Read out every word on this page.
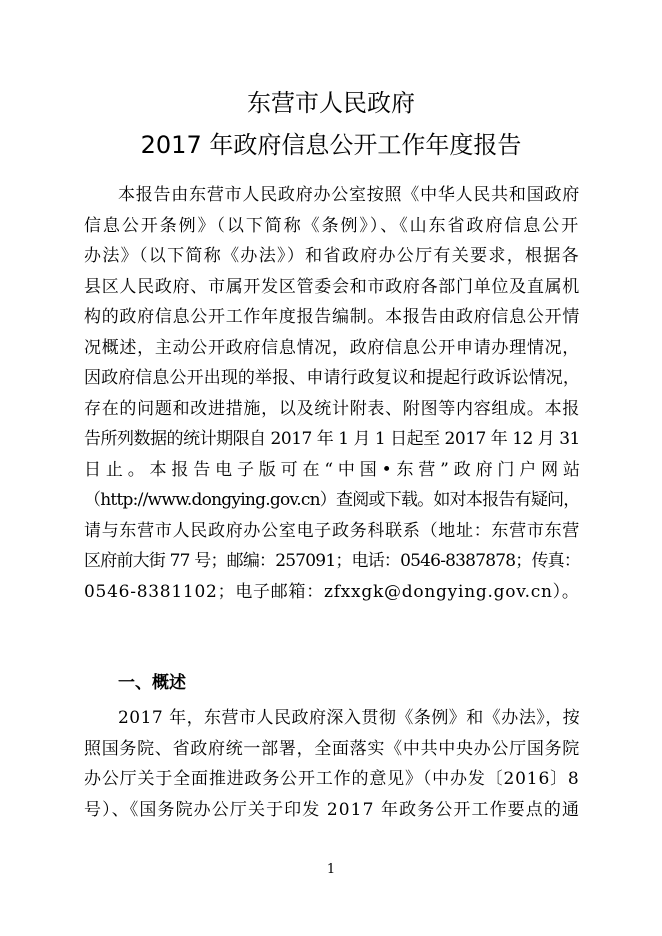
东营市人民政府
2017 年政府信息公开工作年度报告
本报告由东营市人民政府办公室按照《中华人民共和国政府
信息公开条例》（以下简称《条例》）、《山东省政府信息公开
办法》（以下简称《办法》）和省政府办公厅有关要求，根据各
县区人民政府、市属开发区管委会和市政府各部门单位及直属机
构的政府信息公开工作年度报告编制。本报告由政府信息公开情
况概述，主动公开政府信息情况，政府信息公开申请办理情况，
因政府信息公开出现的举报、申请行政复议和提起行政诉讼情况，
存在的问题和改进措施，以及统计附表、附图等内容组成。本报
告所列数据的统计期限自 2017 年 1 月 1 日起至 2017 年 12 月 31
日 止 。 本 报 告 电 子 版 可 在 “ 中 国 • 东 营 ” 政 府 门 户 网 站
（http://www.dongying.gov.cn）查阅或下载。如对本报告有疑问，
请与东营市人民政府办公室电子政务科联系（地址：东营市东营
区府前大街 77 号；邮编：257091；电话：0546-8387878；传真：
0546-8381102；电子邮箱：zfxxgk@dongying.gov.cn）。
一、概述
2017 年，东营市人民政府深入贯彻《条例》和《办法》，按
照国务院、省政府统一部署，全面落实《中共中央办公厅国务院
办公厅关于全面推进政务公开工作的意见》（中办发〔2016〕8
号）、《国务院办公厅关于印发 2017 年政务公开工作要点的通
1
